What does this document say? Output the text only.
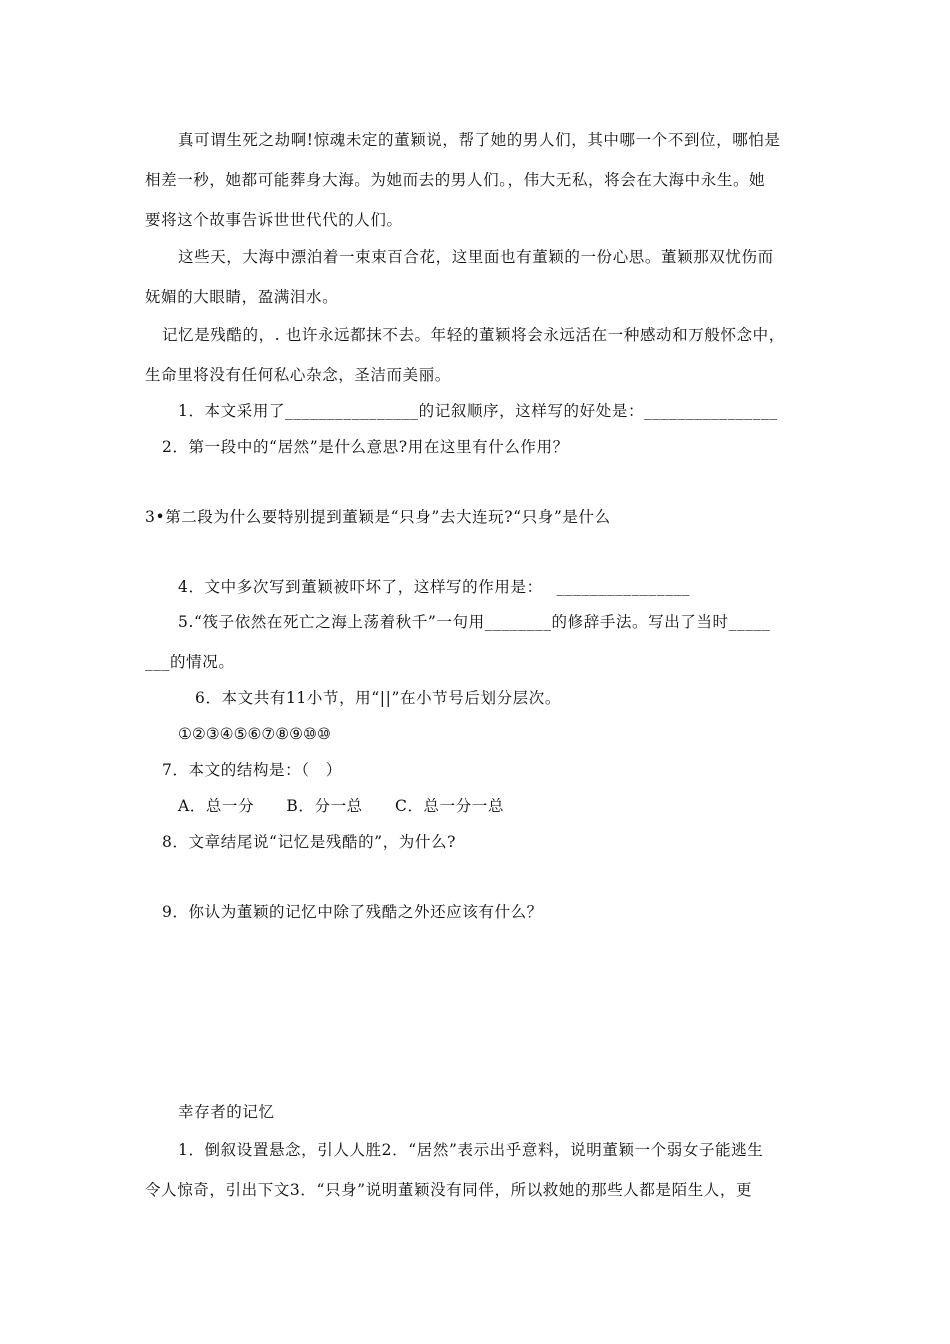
真可谓生死之劫啊!惊魂未定的董颖说，帮了她的男人们，其中哪一个不到位，哪怕是
相差一秒，她都可能葬身大海。为她而去的男人们。，伟大无私，将会在大海中永生。她
要将这个故事告诉世世代代的人们。
这些天，大海中漂泊着一束束百合花，这里面也有董颖的一份心思。董颖那双忧伤而
妩媚的大眼睛，盈满泪水。
记忆是残酷的，. 也许永远都抹不去。年轻的董颖将会永远活在一种感动和万般怀念中，
生命里将没有任何私心杂念，圣洁而美丽。
1．本文采用了________________的记叙顺序，这样写的好处是：________________
2．第一段中的“居然”是什么意思?用在这里有什么作用？
3•第二段为什么要特别提到董颖是“只身”去大连玩?“只身”是什么
4．文中多次写到董颖被吓坏了，这样写的作用是：　 ________________
5.“筏子依然在死亡之海上荡着秋千”一句用________的修辞手法。写出了当时_____
___的情况。
6．本文共有11小节，用“||”在小节号后划分层次。
①②③④⑤⑥⑦⑧⑨⑩⑩
7．本文的结构是：（　）
A．总一分　　B．分一总　　C．总一分一总
8．文章结尾说“记忆是残酷的”，为什么?
9．你认为董颖的记忆中除了残酷之外还应该有什么？
幸存者的记忆
1．倒叙设置悬念，引人人胜2．“居然”表示出乎意料，说明董颖一个弱女子能逃生
令人惊奇，引出下文3．“只身”说明董颖没有同伴，所以救她的那些人都是陌生人，更
